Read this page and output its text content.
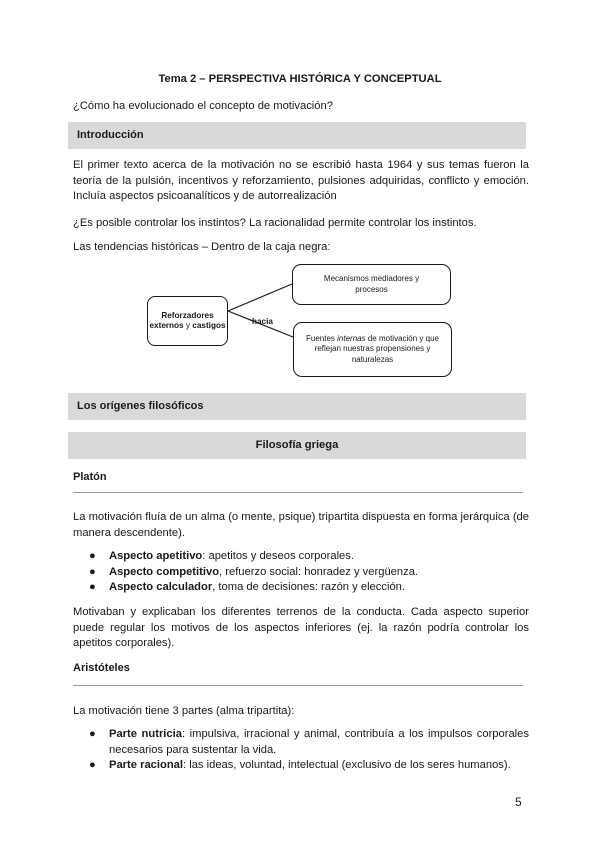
Tema 2 – PERSPECTIVA HISTÓRICA Y CONCEPTUAL
¿Cómo ha evolucionado el concepto de motivación?
Introducción
El primer texto acerca de la motivación no se escribió hasta 1964 y sus temas fueron la teoría de la pulsión, incentivos y reforzamiento, pulsiones adquiridas, conflicto y emoción. Incluía aspectos psicoanalíticos y de autorrealización
¿Es posible controlar los instintos? La racionalidad permite controlar los instintos.
Las tendencias históricas – Dentro de la caja negra:
Reforzadores externos y castigos	hacia
Mecanismos mediadores y procesos
Fuentes internas de motivación y que reflejan nuestras propensiones y naturalezas
Los orígenes filosóficos
Filosofía griega
Platón
La motivación fluía de un alma (o mente, psique) tripartita dispuesta en forma jerárquica (de manera descendente).
● Aspecto apetitivo: apetitos y deseos corporales.
● Aspecto competitivo, refuerzo social: honradez y vergüenza.
● Aspecto calculador, toma de decisiones: razón y elección.
Motivaban y explicaban los diferentes terrenos de la conducta. Cada aspecto superior puede regular los motivos de los aspectos inferiores (ej. la razón podría controlar los apetitos corporales).
Aristóteles
La motivación tiene 3 partes (alma tripartita):
● Parte nutricia: impulsiva, irracional y animal, contribuía a los impulsos corporales necesarios para sustentar la vida.
● Parte racional: las ideas, voluntad, intelectual (exclusivo de los seres humanos).
5
